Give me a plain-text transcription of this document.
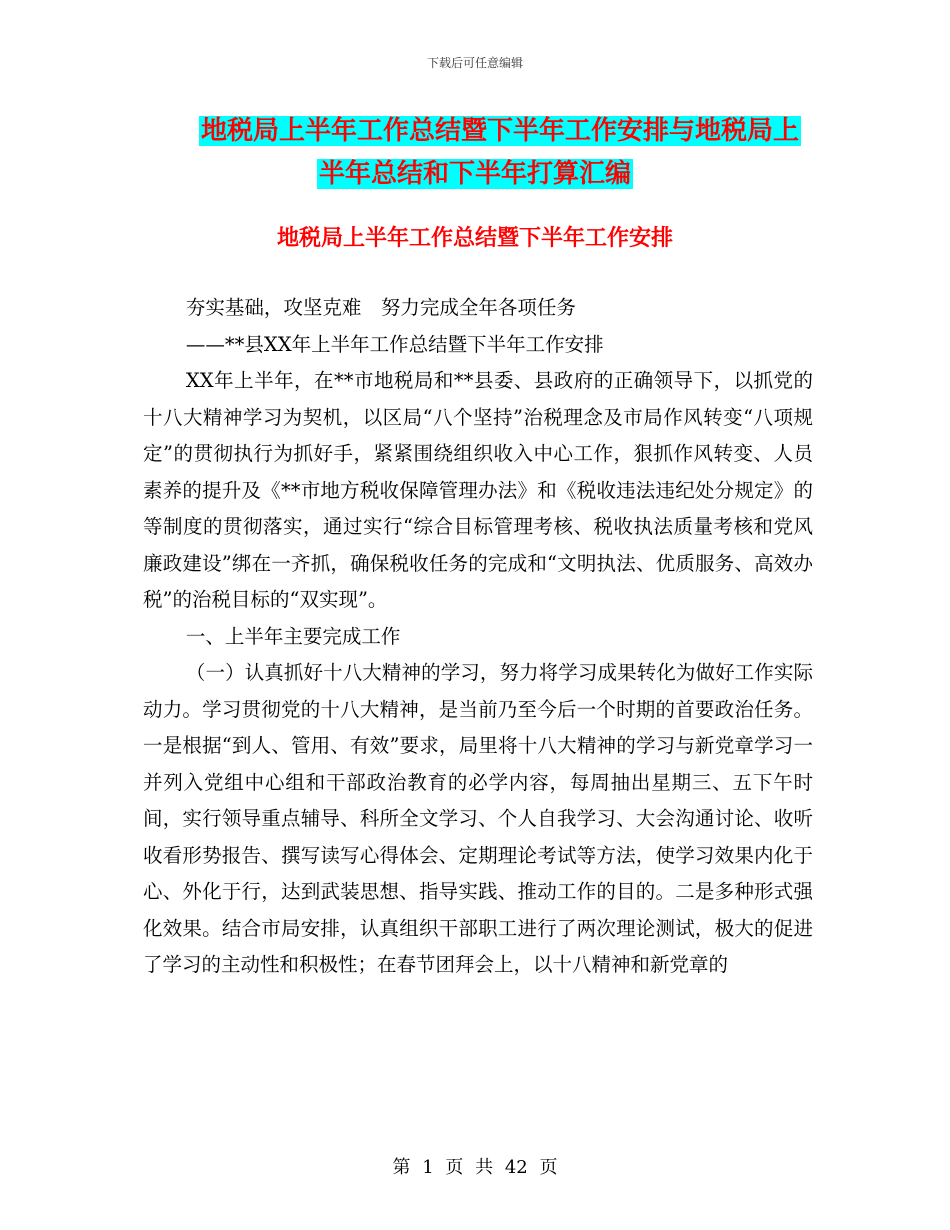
下载后可任意编辑
地税局上半年工作总结暨下半年工作安排与地税局上
半年总结和下半年打算汇编
地税局上半年工作总结暨下半年工作安排

夯实基础，攻坚克难　努力完成全年各项任务

——**县XX年上半年工作总结暨下半年工作安排

XX年上半年，在**市地税局和**县委、县政府的正确领导下，以抓党的十八大精神学习为契机，以区局“八个坚持”治税理念及市局作风转变“八项规定”的贯彻执行为抓好手，紧紧围绕组织收入中心工作，狠抓作风转变、人员素养的提升及《**市地方税收保障管理办法》和《税收违法违纪处分规定》的等制度的贯彻落实，通过实行“综合目标管理考核、税收执法质量考核和党风廉政建设”绑在一齐抓，确保税收任务的完成和“文明执法、优质服务、高效办税”的治税目标的“双实现”。

一、上半年主要完成工作

（一）认真抓好十八大精神的学习，努力将学习成果转化为做好工作实际动力。学习贯彻党的十八大精神，是当前乃至今后一个时期的首要政治任务。一是根据“到人、管用、有效”要求，局里将十八大精神的学习与新党章学习一并列入党组中心组和干部政治教育的必学内容，每周抽出星期三、五下午时间，实行领导重点辅导、科所全文学习、个人自我学习、大会沟通讨论、收听收看形势报告、撰写读写心得体会、定期理论考试等方法，使学习效果内化于心、外化于行，达到武装思想、指导实践、推动工作的目的。二是多种形式强化效果。结合市局安排，认真组织干部职工进行了两次理论测试，极大的促进了学习的主动性和积极性；在春节团拜会上，以十八精神和新党章的

第 1 页 共 42 页
